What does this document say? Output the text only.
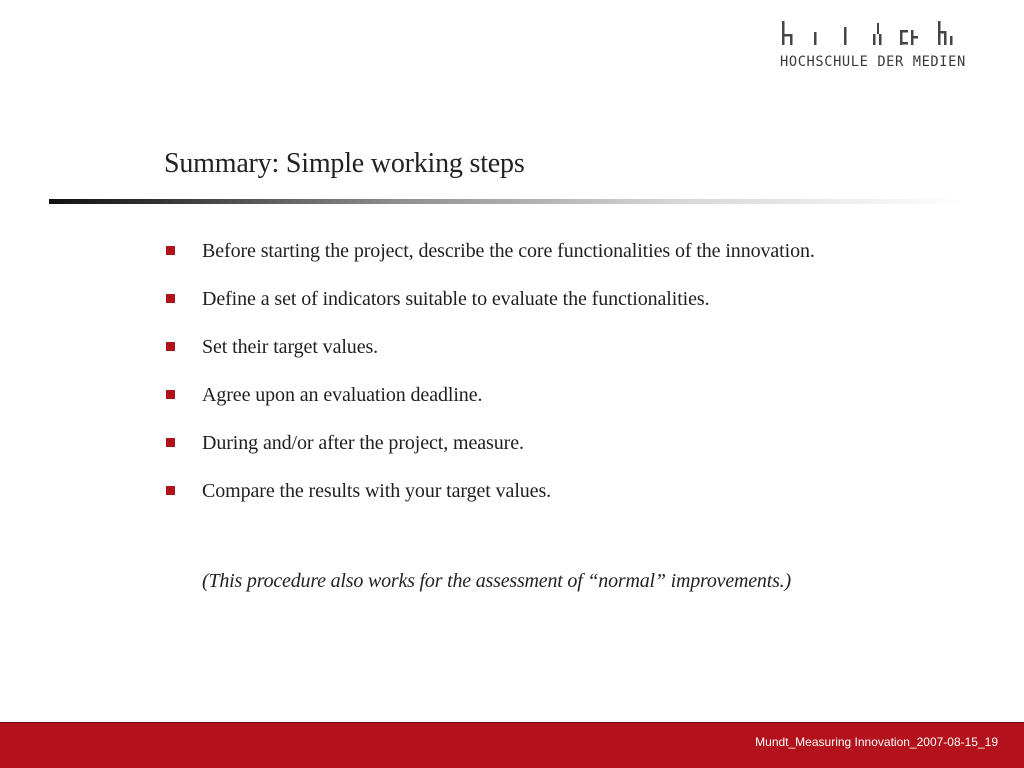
HOCHSCHULE DER MEDIEN
Summary: Simple working steps
Before starting the project, describe the core functionalities of the innovation.
Define a set of indicators suitable to evaluate the functionalities.
Set their target values.
Agree upon an evaluation deadline.
During and/or after the project, measure.
Compare the results with your target values.

(This procedure also works for the assessment of “normal” improvements.)

Mundt_Measuring Innovation_2007-08-15_19
